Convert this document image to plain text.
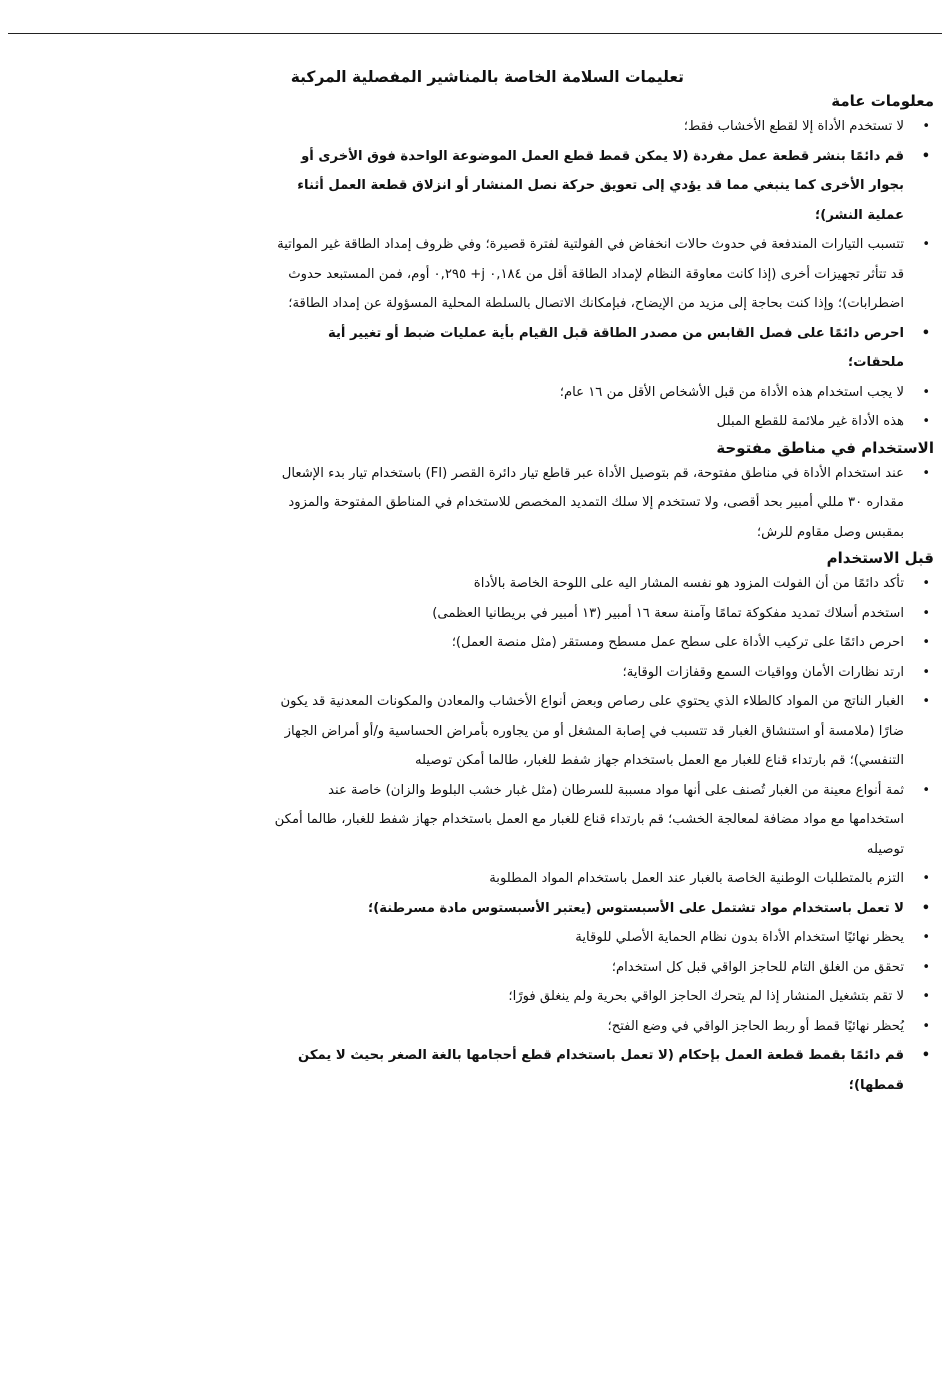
تعليمات السلامة الخاصة بالمناشير المفصلية المركبة
معلومات عامة
• لا تستخدم الأداة إلا لقطع الأخشاب فقط؛
• قم دائمًا بنشر قطعة عمل مفردة (لا يمكن قمط قطع العمل الموضوعة الواحدة فوق الأخرى أو بجوار الأخرى كما ينبغي مما قد يؤدي إلى تعويق حركة نصل المنشار أو انزلاق قطعة العمل أثناء عملية النشر)؛
• تتسبب التيارات المندفعة في حدوث حالات انخفاض في الفولتية لفترة قصيرة؛ وفي ظروف إمداد الطاقة غير المواتية قد تتأثر تجهيزات أخرى (إذا كانت معاوقة النظام لإمداد الطاقة أقل من ٠,١٨٤ j+ ٠,٢٩٥ أوم، فمن المستبعد حدوث اضطرابات)؛ وإذا كنت بحاجة إلى مزيد من الإيضاح، فبإمكانك الاتصال بالسلطة المحلية المسؤولة عن إمداد الطاقة؛
• احرص دائمًا على فصل القابس من مصدر الطاقة قبل القيام بأية عمليات ضبط أو تغيير أية ملحقات؛
• لا يجب استخدام هذه الأداة من قبل الأشخاص الأقل من ١٦ عام؛
• هذه الأداة غير ملائمة للقطع المبلل
الاستخدام في مناطق مفتوحة
• عند استخدام الأداة في مناطق مفتوحة، قم بتوصيل الأداة عبر قاطع تيار دائرة القصر (FI) باستخدام تيار بدء الإشعال مقداره ٣٠ مللي أمبير بحد أقصى، ولا تستخدم إلا سلك التمديد المخصص للاستخدام في المناطق المفتوحة والمزود بمقبس وصل مقاوم للرش؛
قبل الاستخدام
• تأكد دائمًا من أن الفولت المزود هو نفسه المشار اليه على اللوحة الخاصة بالأداة
• استخدم أسلاك تمديد مفكوكة تمامًا وآمنة سعة ١٦ أمبير (١٣ أمبير في بريطانيا العظمى)
• احرص دائمًا على تركيب الأداة على سطح عمل مسطح ومستقر (مثل منصة العمل)؛
• ارتد نظارات الأمان وواقيات السمع وقفازات الوقاية؛
• الغبار الناتج من المواد كالطلاء الذي يحتوي على رصاص وبعض أنواع الأخشاب والمعادن والمكونات المعدنية قد يكون ضارًا (ملامسة أو استنشاق الغبار قد تتسبب في إصابة المشغل أو من يجاوره بأمراض الحساسية و/أو أمراض الجهاز التنفسي)؛ قم بارتداء قناع للغبار مع العمل باستخدام جهاز شفط للغبار، طالما أمكن توصيله
• ثمة أنواع معينة من الغبار تُصنف على أنها مواد مسببة للسرطان (مثل غبار خشب البلوط والزان) خاصة عند استخدامها مع مواد مضافة لمعالجة الخشب؛ قم بارتداء قناع للغبار مع العمل باستخدام جهاز شفط للغبار، طالما أمكن توصيله
• التزم بالمتطلبات الوطنية الخاصة بالغبار عند العمل باستخدام المواد المطلوبة
• لا تعمل باستخدام مواد تشتمل على الأسبستوس (يعتبر الأسبستوس مادة مسرطنة)؛
• يحظر نهائيًا استخدام الأداة بدون نظام الحماية الأصلي للوقاية
• تحقق من الغلق التام للحاجز الواقي قبل كل استخدام؛
• لا تقم بتشغيل المنشار إذا لم يتحرك الحاجز الواقي بحرية ولم ينغلق فورًا؛
• يُحظر نهائيًا قمط أو ربط الحاجز الواقي في وضع الفتح؛
• قم دائمًا بقمط قطعة العمل بإحكام (لا تعمل باستخدام قطع أحجامها بالغة الصغر بحيث لا يمكن قمطها)؛
